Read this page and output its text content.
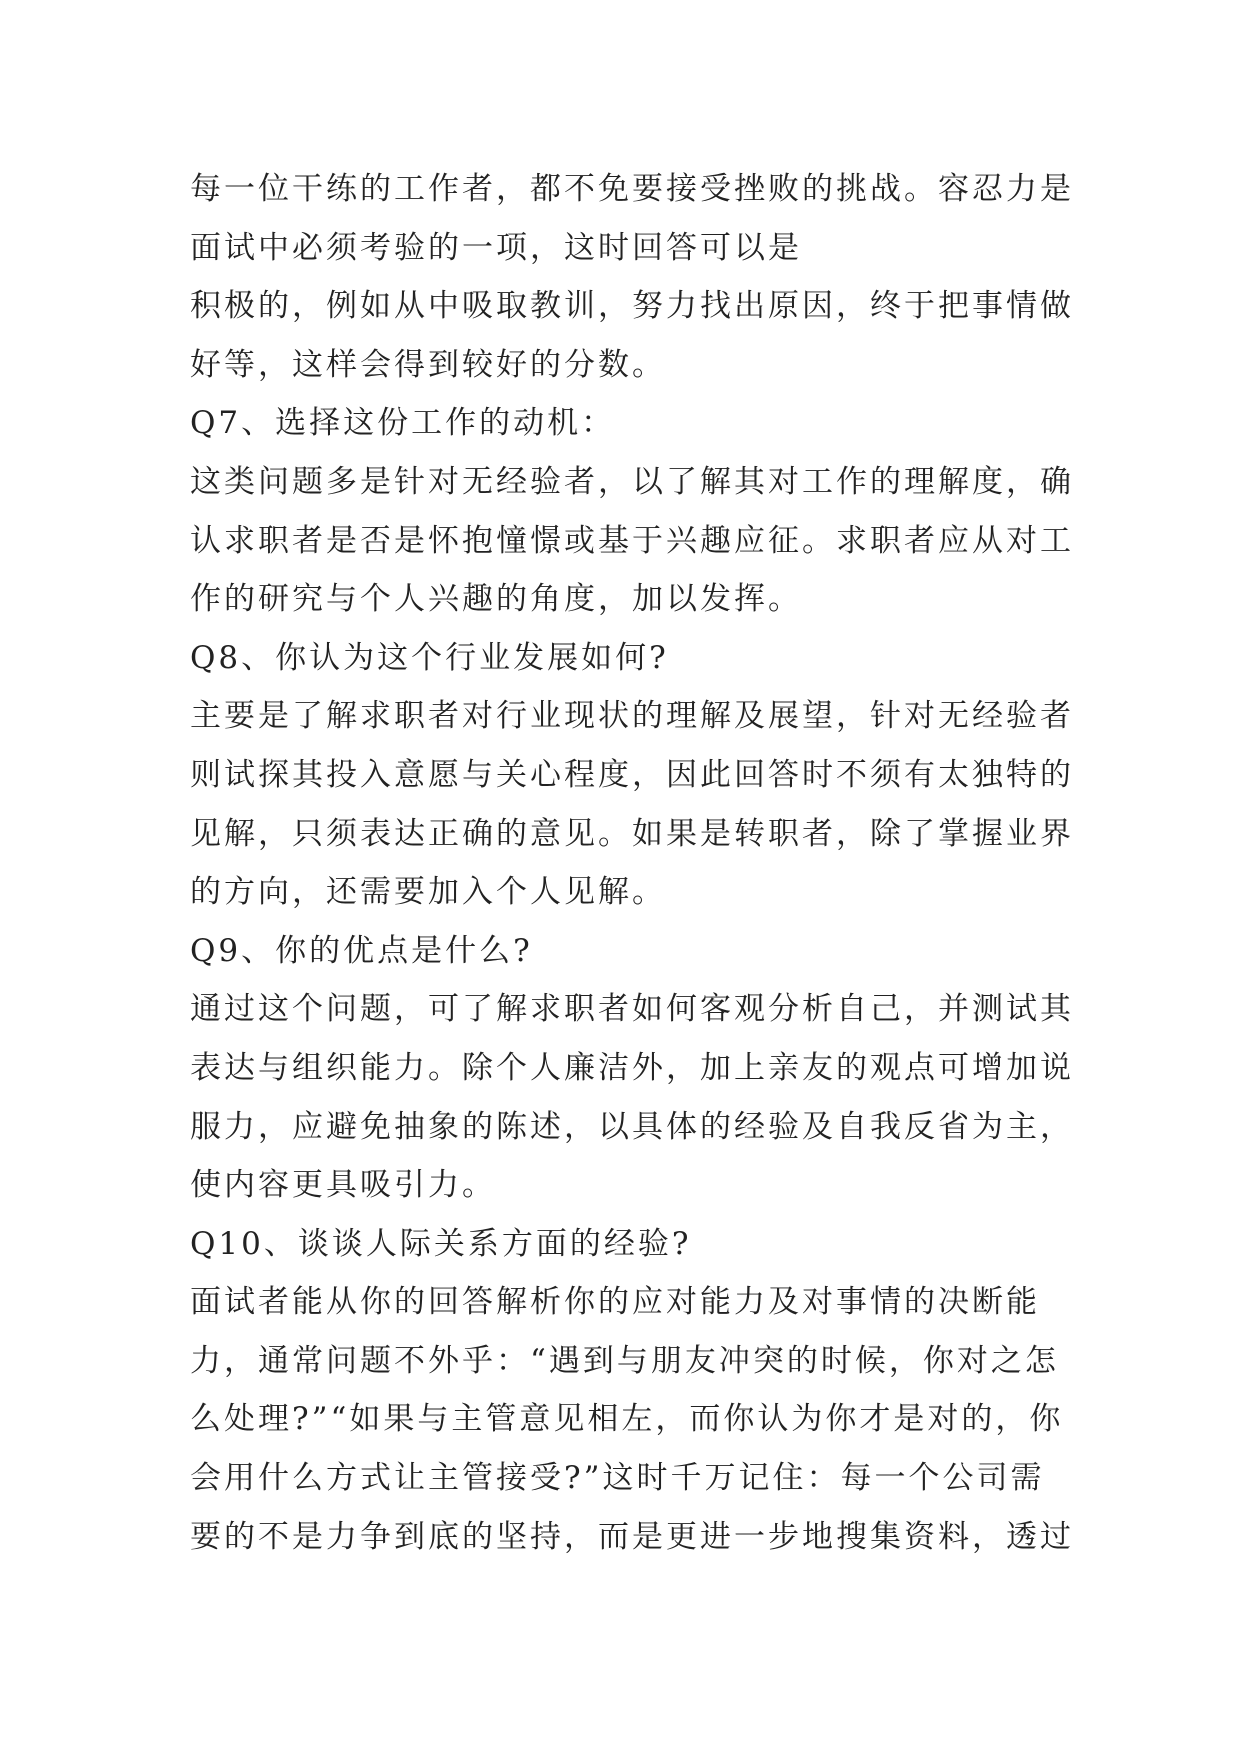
每一位干练的工作者，都不免要接受挫败的挑战。容忍力是
面试中必须考验的一项，这时回答可以是
积极的，例如从中吸取教训，努力找出原因，终于把事情做
好等，这样会得到较好的分数。
Q7、选择这份工作的动机：
这类问题多是针对无经验者，以了解其对工作的理解度，确
认求职者是否是怀抱憧憬或基于兴趣应征。求职者应从对工
作的研究与个人兴趣的角度，加以发挥。
Q8、你认为这个行业发展如何?
主要是了解求职者对行业现状的理解及展望，针对无经验者
则试探其投入意愿与关心程度，因此回答时不须有太独特的
见解，只须表达正确的意见。如果是转职者，除了掌握业界
的方向，还需要加入个人见解。
Q9、你的优点是什么?
通过这个问题，可了解求职者如何客观分析自己，并测试其
表达与组织能力。除个人廉洁外，加上亲友的观点可增加说
服力，应避免抽象的陈述，以具体的经验及自我反省为主，
使内容更具吸引力。
Q10、谈谈人际关系方面的经验?
面试者能从你的回答解析你的应对能力及对事情的决断能
力，通常问题不外乎：“遇到与朋友冲突的时候，你对之怎
么处理?”“如果与主管意见相左，而你认为你才是对的，你
会用什么方式让主管接受?”这时千万记住：每一个公司需
要的不是力争到底的坚持，而是更进一步地搜集资料，透过
